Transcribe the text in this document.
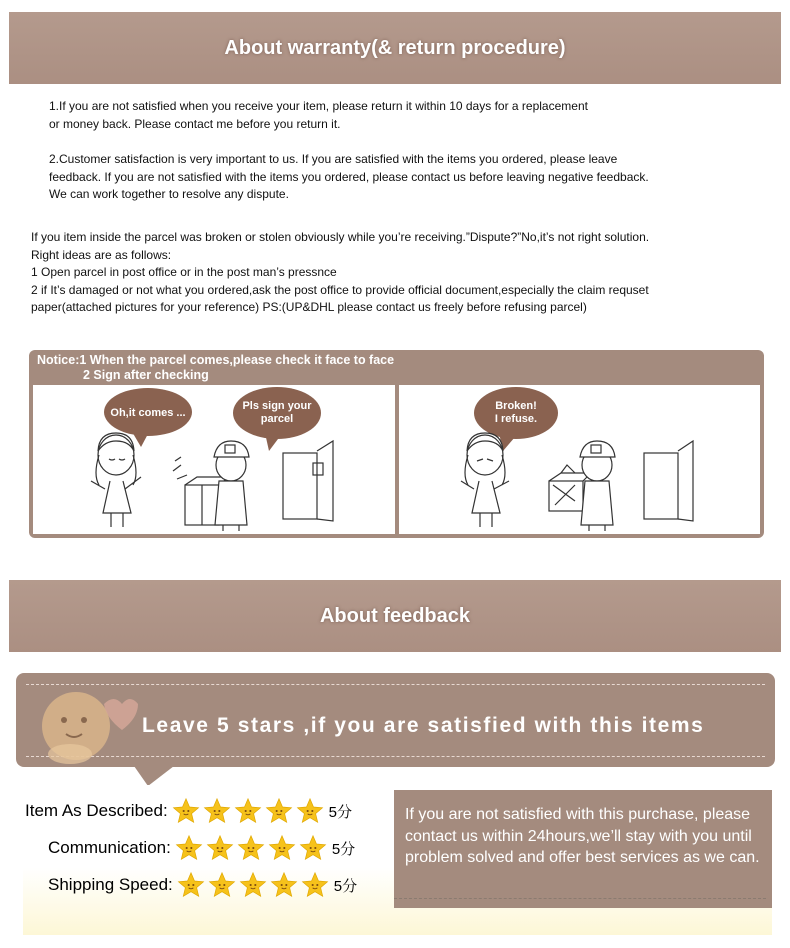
About warranty(& return procedure)
1.If you are not satisfied when you receive your item, please return it within 10 days for a replacement
or money back. Please contact me before you return it.
2.Customer satisfaction is very important to us. If you are satisfied with the items you ordered, please leave
feedback. If you are not satisfied with the items you ordered, please contact us before leaving negative feedback.
We can work together to resolve any dispute.
If you item inside the parcel was broken or stolen obviously while you’re receiving.”Dispute?”No,it’s not right solution.
Right ideas are as follows:
1 Open parcel in post office or in the post man’s pressnce
2 if It’s damaged or not what you ordered,ask the post office to provide official document,especially the claim requset
paper(attached pictures for your reference) PS:(UP&DHL please contact us freely before refusing parcel)
Notice:1 When the parcel comes,please check it face to face
2 Sign after checking
Oh,it comes ...
Pls sign your
parcel
Broken!
I refuse.
About feedback
Leave 5 stars ,if you are satisfied with this items
Item As Described:	5分
Communication:	5分
Shipping Speed:	5分
If you are not satisfied with this purchase, please contact us within 24hours,we’ll stay with you until problem solved and offer best services as we can.
